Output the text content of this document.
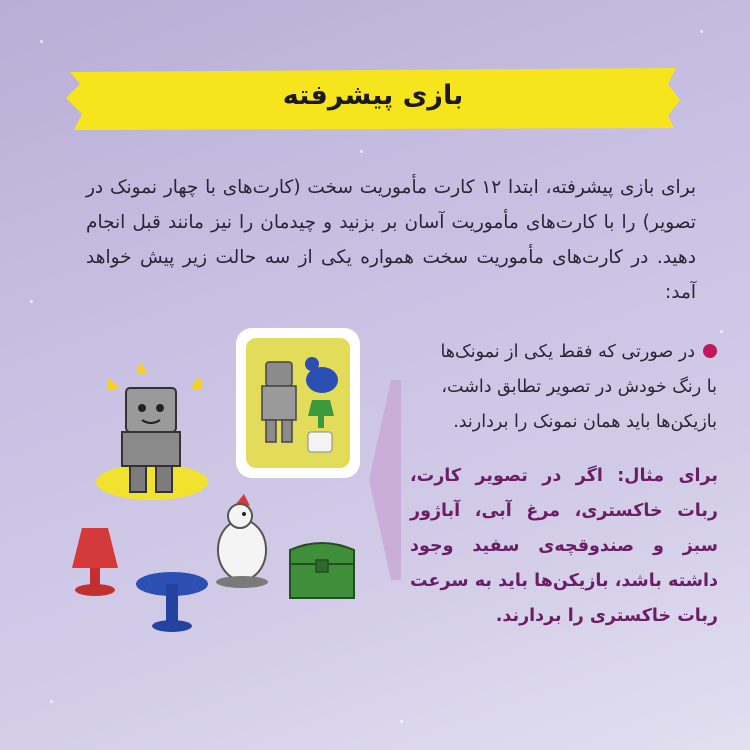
بازی پیشرفته
برای بازی پیشرفته، ابتدا ۱۲ کارت مأموریت سخت (کارت‌های با چهار نمونک در تصویر) را با کارت‌های مأموریت آسان بر بزنید و چیدمان را نیز مانند قبل انجام دهید. در کارت‌های مأموریت سخت همواره یکی از سه حالت زیر پیش خواهد آمد:
در صورتی که فقط یکی از نمونک‌ها با رنگ خودش در تصویر تطابق داشت، بازیکن‌ها باید همان نمونک را بردارند.
برای مثال: اگر در تصویر کارت، ربات خاکستری، مرغ آبی، آباژور سبز و صندوقچه‌ی سفید وجود داشته باشد، بازیکن‌ها باید به سرعت ربات خاکستری را بردارند.
